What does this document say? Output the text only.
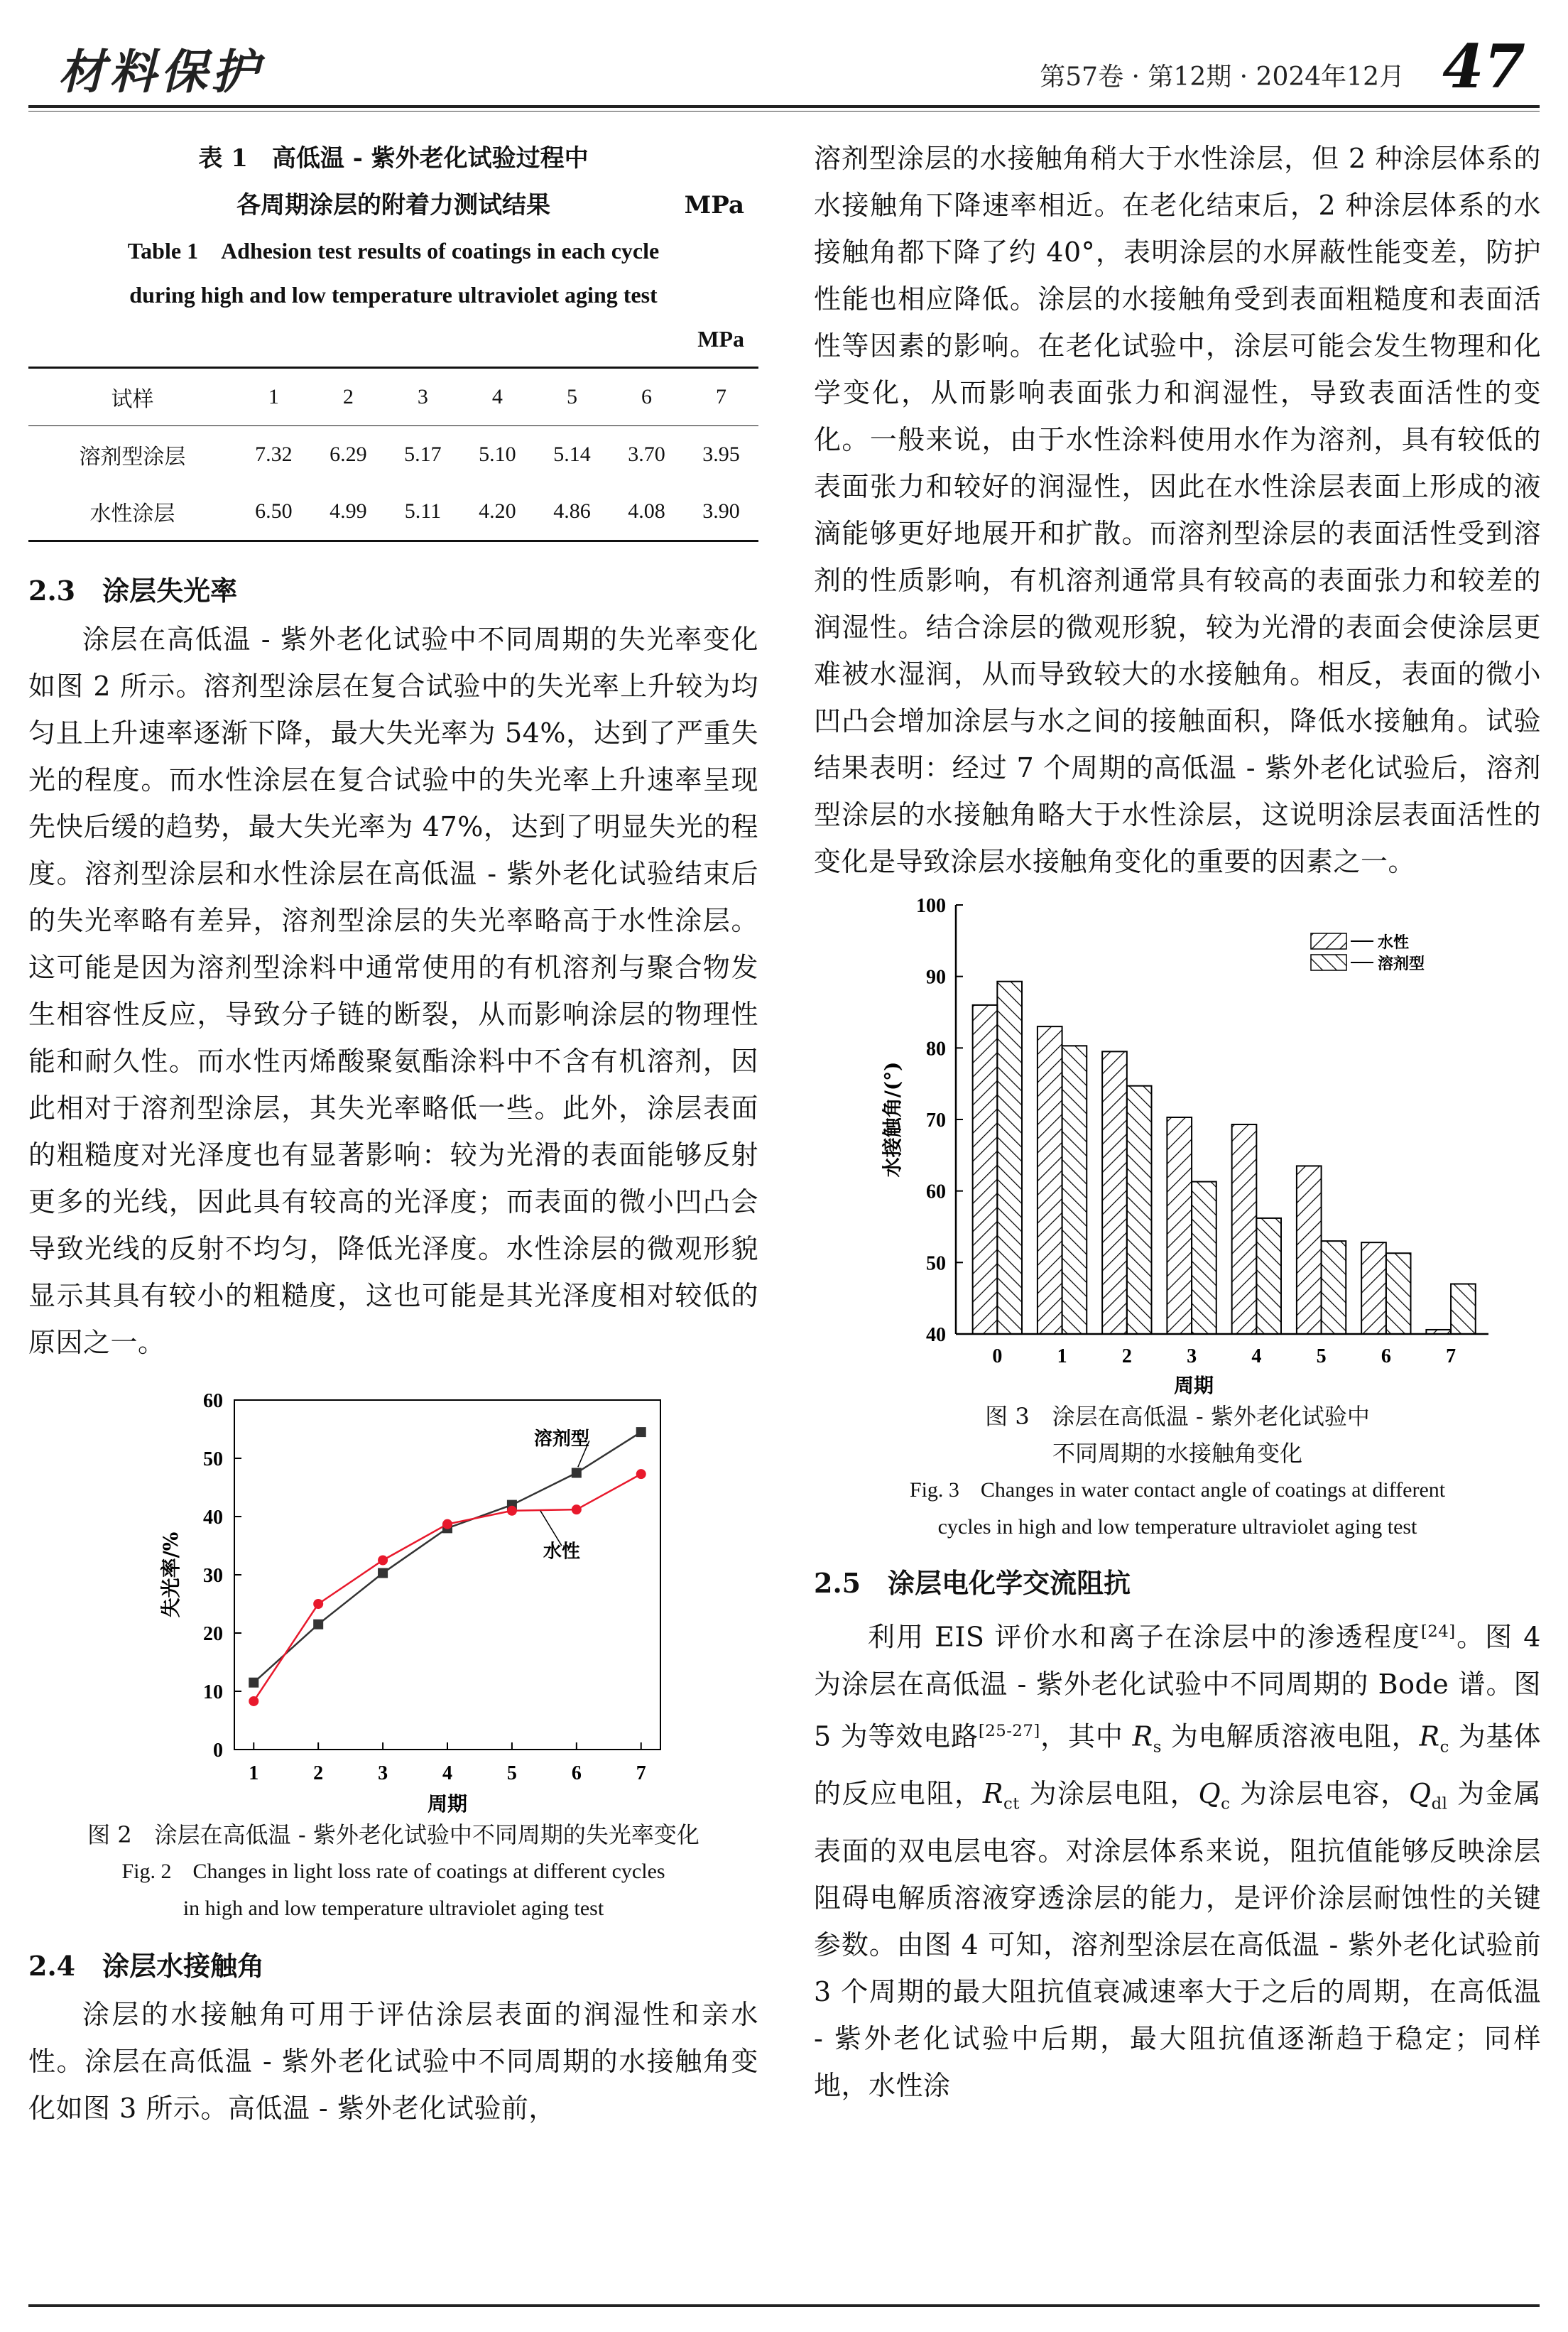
材料保护	第57卷 · 第12期 · 2024年12月 47
表 1　高低温 - 紫外老化试验过程中
各周期涂层的附着力测试结果	MPa
Table 1　Adhesion test results of coatings in each cycle
during high and low temperature ultraviolet aging test
MPa
试样	1	2	3	4	5	6	7
溶剂型涂层	7.32	6.29	5.17	5.10	5.14	3.70	3.95
水性涂层	6.50	4.99	5.11	4.20	4.86	4.08	3.90
2.3　涂层失光率

涂层在高低温 - 紫外老化试验中不同周期的失光率变化如图 2 所示。溶剂型涂层在复合试验中的失光率上升较为均匀且上升速率逐渐下降，最大失光率为 54%，达到了严重失光的程度。而水性涂层在复合试验中的失光率上升速率呈现先快后缓的趋势，最大失光率为 47%，达到了明显失光的程度。溶剂型涂层和水性涂层在高低温 - 紫外老化试验结束后的失光率略有差异，溶剂型涂层的失光率略高于水性涂层。这可能是因为溶剂型涂料中通常使用的有机溶剂与聚合物发生相容性反应，导致分子链的断裂，从而影响涂层的物理性能和耐久性。而水性丙烯酸聚氨酯涂料中不含有机溶剂，因此相对于溶剂型涂层，其失光率略低一些。此外，涂层表面的粗糙度对光泽度也有显著影响：较为光滑的表面能够反射更多的光线，因此具有较高的光泽度；而表面的微小凹凸会导致光线的反射不均匀，降低光泽度。水性涂层的微观形貌显示其具有较小的粗糙度，这也可能是其光泽度相对较低的原因之一。

0
10
20
30
40
50
60
1	2	3	4	5	6	7
周期
失光率/%
溶剂型
水性
图 2　涂层在高低温 - 紫外老化试验中不同周期的失光率变化
Fig. 2　Changes in light loss rate of coatings at different cycles
in high and low temperature ultraviolet aging test
2.4　涂层水接触角

涂层的水接触角可用于评估涂层表面的润湿性和亲水性。涂层在高低温 - 紫外老化试验中不同周期的水接触角变化如图 3 所示。高低温 - 紫外老化试验前，

溶剂型涂层的水接触角稍大于水性涂层，但 2 种涂层体系的水接触角下降速率相近。在老化结束后，2 种涂层体系的水接触角都下降了约 40°，表明涂层的水屏蔽性能变差，防护性能也相应降低。涂层的水接触角受到表面粗糙度和表面活性等因素的影响。在老化试验中，涂层可能会发生物理和化学变化，从而影响表面张力和润湿性，导致表面活性的变化。一般来说，由于水性涂料使用水作为溶剂，具有较低的表面张力和较好的润湿性，因此在水性涂层表面上形成的液滴能够更好地展开和扩散。而溶剂型涂层的表面活性受到溶剂的性质影响，有机溶剂通常具有较高的表面张力和较差的润湿性。结合涂层的微观形貌，较为光滑的表面会使涂层更难被水湿润，从而导致较大的水接触角。相反，表面的微小凹凸会增加涂层与水之间的接触面积，降低水接触角。试验结果表明：经过 7 个周期的高低温 - 紫外老化试验后，溶剂型涂层的水接触角略大于水性涂层，这说明涂层表面活性的变化是导致涂层水接触角变化的重要的因素之一。

40
50
60
70
80
90
100
0	1	2	3	4	5	6	7
周期
水接触角/(°)
水性
溶剂型
图 3　涂层在高低温 - 紫外老化试验中
不同周期的水接触角变化
Fig. 3　Changes in water contact angle of coatings at different
cycles in high and low temperature ultraviolet aging test
2.5　涂层电化学交流阻抗

利用 EIS 评价水和离子在涂层中的渗透程度[24]。图 4 为涂层在高低温 - 紫外老化试验中不同周期的 Bode 谱。图 5 为等效电路[25-27]，其中 $R_s$ 为电解质溶液电阻，$R_c$ 为基体的反应电阻，$R_{ct}$ 为涂层电阻，$Q_c$ 为涂层电容，$Q_{dl}$ 为金属表面的双电层电容。对涂层体系来说，阻抗值能够反映涂层阻碍电解质溶液穿透涂层的能力，是评价涂层耐蚀性的关键参数。由图 4 可知，溶剂型涂层在高低温 - 紫外老化试验前 3 个周期的最大阻抗值衰减速率大于之后的周期，在高低温 - 紫外老化试验中后期，最大阻抗值逐渐趋于稳定；同样地，水性涂
